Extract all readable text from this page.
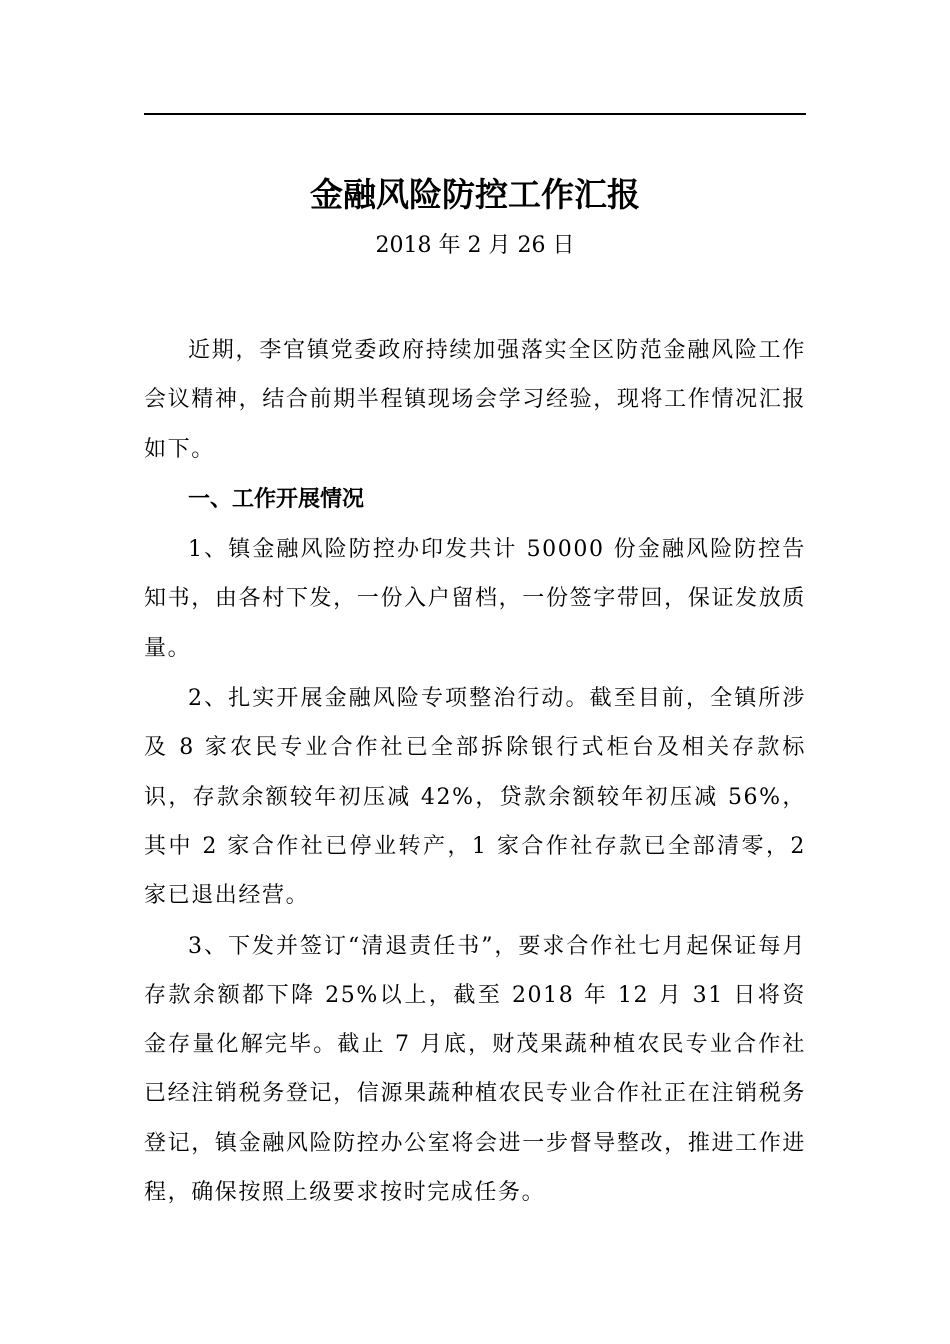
金融风险防控工作汇报
2018 年 2 月 26 日

近期，李官镇党委政府持续加强落实全区防范金融风险工作会议精神，结合前期半程镇现场会学习经验，现将工作情况汇报如下。

一、工作开展情况

1、镇金融风险防控办印发共计 50000 份金融风险防控告知书，由各村下发，一份入户留档，一份签字带回，保证发放质量。

2、扎实开展金融风险专项整治行动。截至目前，全镇所涉及 8 家农民专业合作社已全部拆除银行式柜台及相关存款标识，存款余额较年初压减 42%，贷款余额较年初压减 56%，其中 2 家合作社已停业转产，1 家合作社存款已全部清零，2 家已退出经营。

3、下发并签订“清退责任书”，要求合作社七月起保证每月存款余额都下降 25%以上，截至 2018 年 12 月 31 日将资金存量化解完毕。截止 7 月底，财茂果蔬种植农民专业合作社已经注销税务登记，信源果蔬种植农民专业合作社正在注销税务登记，镇金融风险防控办公室将会进一步督导整改，推进工作进程，确保按照上级要求按时完成任务。
